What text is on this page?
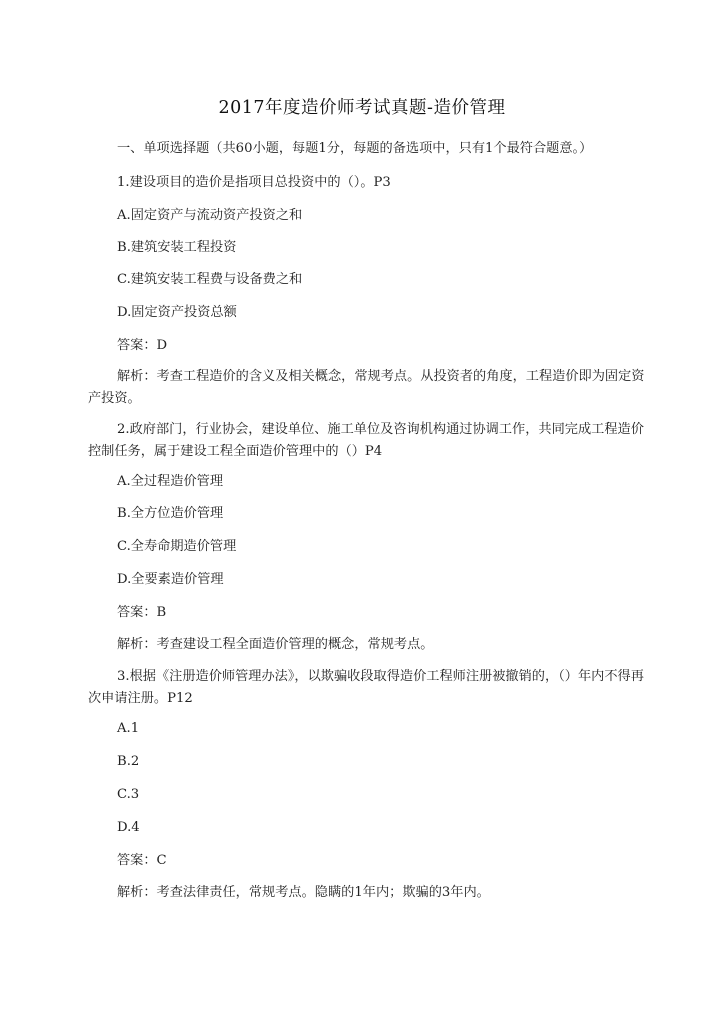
2017年度造价师考试真题-造价管理
一、单项选择题（共60小题，每题1分，每题的备选项中，只有1个最符合题意。）
1.建设项目的造价是指项目总投资中的（）。P3
A.固定资产与流动资产投资之和
B.建筑安装工程投资
C.建筑安装工程费与设备费之和
D.固定资产投资总额
答案：D
解析：考查工程造价的含义及相关概念，常规考点。从投资者的角度，工程造价即为固定资产投资。
2.政府部门，行业协会，建设单位、施工单位及咨询机构通过协调工作，共同完成工程造价控制任务，属于建设工程全面造价管理中的（）P4
A.全过程造价管理
B.全方位造价管理
C.全寿命期造价管理
D.全要素造价管理
答案：B
解析：考查建设工程全面造价管理的概念，常规考点。
3.根据《注册造价师管理办法》，以欺骗收段取得造价工程师注册被撤销的，（）年内不得再次申请注册。P12
A.1
B.2
C.3
D.4
答案：C
解析：考查法律责任，常规考点。隐瞒的1年内；欺骗的3年内。
